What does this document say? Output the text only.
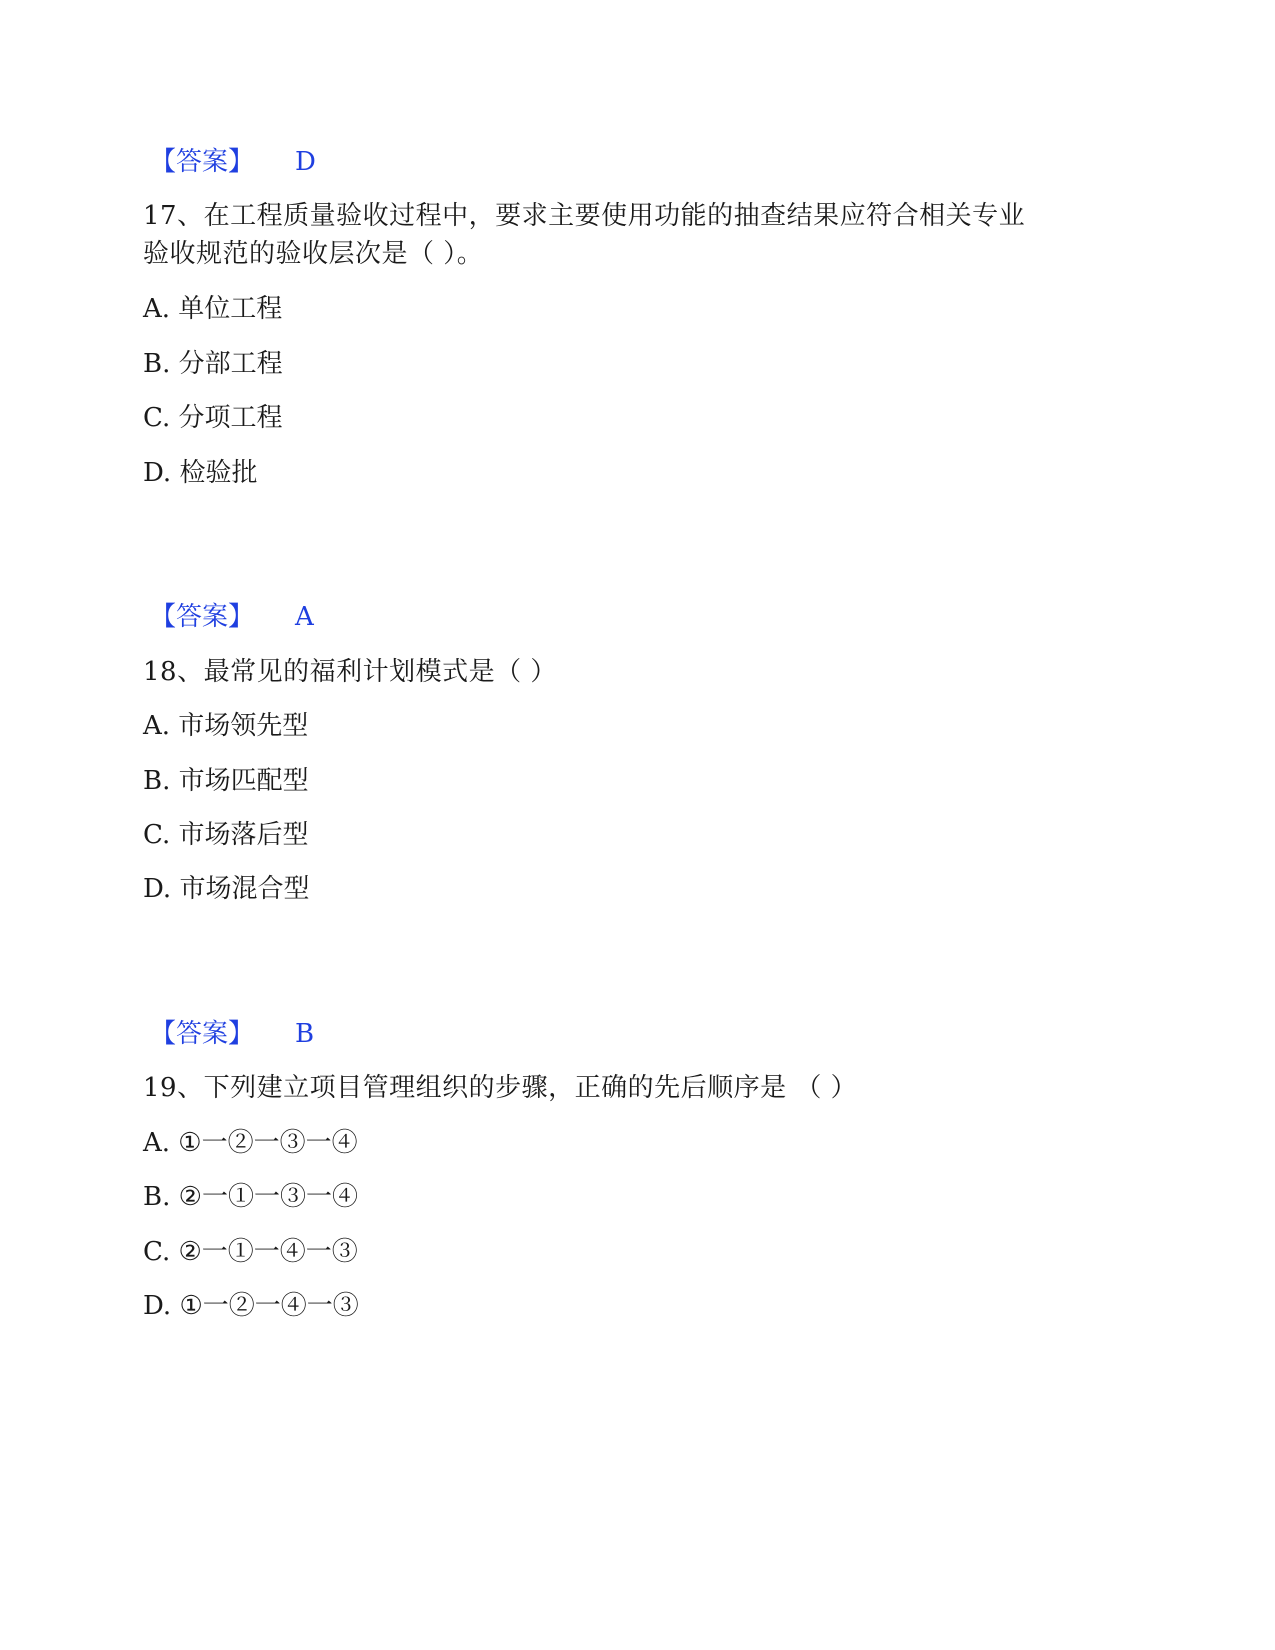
【答案】 D
17、在工程质量验收过程中，要求主要使用功能的抽查结果应符合相关专业
验收规范的验收层次是（ ）。
A. 单位工程
B. 分部工程
C. 分项工程
D. 检验批
【答案】 A
18、最常见的福利计划模式是（ ）
A. 市场领先型
B. 市场匹配型
C. 市场落后型
D. 市场混合型
【答案】 B
19、下列建立项目管理组织的步骤，正确的先后顺序是 （ ）
A. ①一②一③一④
B. ②一①一③一④
C. ②一①一④一③
D. ①一②一④一③
